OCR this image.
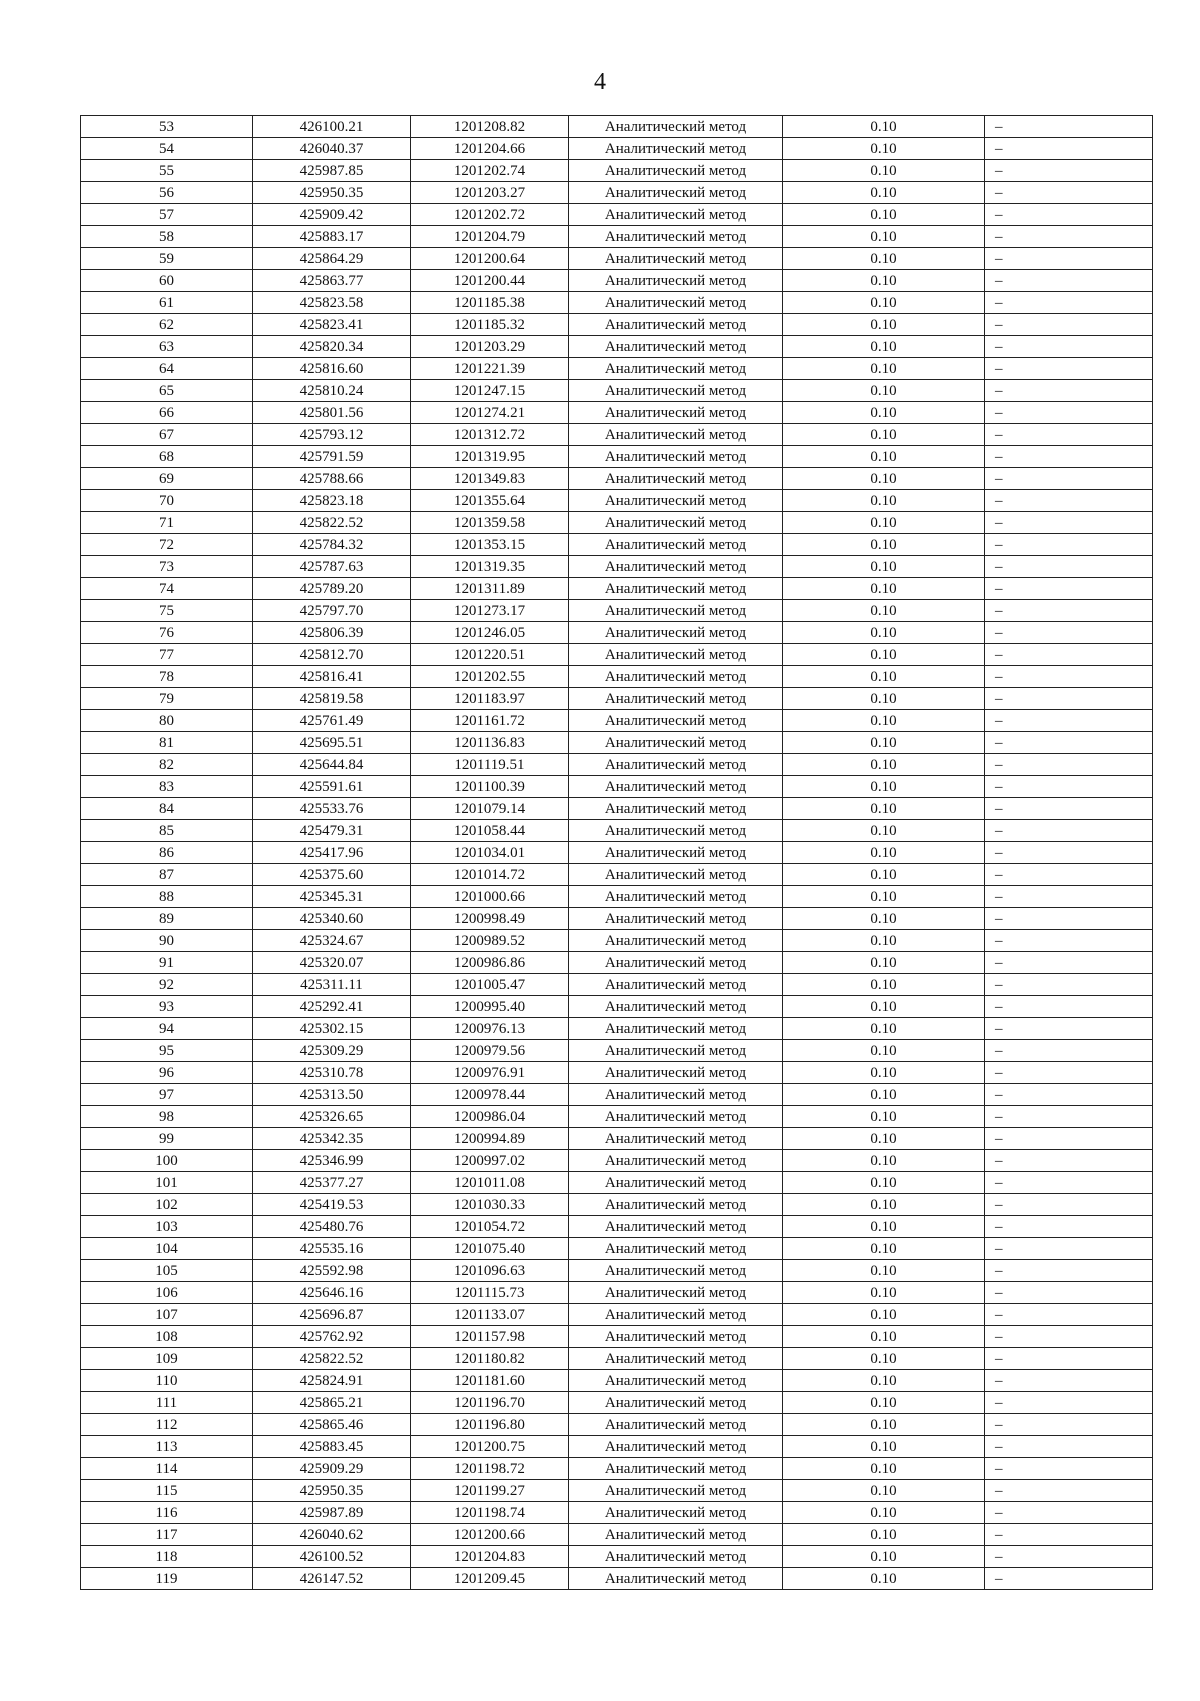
4
53	426100.21	1201208.82	Аналитический метод	0.10	–
54	426040.37	1201204.66	Аналитический метод	0.10	–
55	425987.85	1201202.74	Аналитический метод	0.10	–
56	425950.35	1201203.27	Аналитический метод	0.10	–
57	425909.42	1201202.72	Аналитический метод	0.10	–
58	425883.17	1201204.79	Аналитический метод	0.10	–
59	425864.29	1201200.64	Аналитический метод	0.10	–
60	425863.77	1201200.44	Аналитический метод	0.10	–
61	425823.58	1201185.38	Аналитический метод	0.10	–
62	425823.41	1201185.32	Аналитический метод	0.10	–
63	425820.34	1201203.29	Аналитический метод	0.10	–
64	425816.60	1201221.39	Аналитический метод	0.10	–
65	425810.24	1201247.15	Аналитический метод	0.10	–
66	425801.56	1201274.21	Аналитический метод	0.10	–
67	425793.12	1201312.72	Аналитический метод	0.10	–
68	425791.59	1201319.95	Аналитический метод	0.10	–
69	425788.66	1201349.83	Аналитический метод	0.10	–
70	425823.18	1201355.64	Аналитический метод	0.10	–
71	425822.52	1201359.58	Аналитический метод	0.10	–
72	425784.32	1201353.15	Аналитический метод	0.10	–
73	425787.63	1201319.35	Аналитический метод	0.10	–
74	425789.20	1201311.89	Аналитический метод	0.10	–
75	425797.70	1201273.17	Аналитический метод	0.10	–
76	425806.39	1201246.05	Аналитический метод	0.10	–
77	425812.70	1201220.51	Аналитический метод	0.10	–
78	425816.41	1201202.55	Аналитический метод	0.10	–
79	425819.58	1201183.97	Аналитический метод	0.10	–
80	425761.49	1201161.72	Аналитический метод	0.10	–
81	425695.51	1201136.83	Аналитический метод	0.10	–
82	425644.84	1201119.51	Аналитический метод	0.10	–
83	425591.61	1201100.39	Аналитический метод	0.10	–
84	425533.76	1201079.14	Аналитический метод	0.10	–
85	425479.31	1201058.44	Аналитический метод	0.10	–
86	425417.96	1201034.01	Аналитический метод	0.10	–
87	425375.60	1201014.72	Аналитический метод	0.10	–
88	425345.31	1201000.66	Аналитический метод	0.10	–
89	425340.60	1200998.49	Аналитический метод	0.10	–
90	425324.67	1200989.52	Аналитический метод	0.10	–
91	425320.07	1200986.86	Аналитический метод	0.10	–
92	425311.11	1201005.47	Аналитический метод	0.10	–
93	425292.41	1200995.40	Аналитический метод	0.10	–
94	425302.15	1200976.13	Аналитический метод	0.10	–
95	425309.29	1200979.56	Аналитический метод	0.10	–
96	425310.78	1200976.91	Аналитический метод	0.10	–
97	425313.50	1200978.44	Аналитический метод	0.10	–
98	425326.65	1200986.04	Аналитический метод	0.10	–
99	425342.35	1200994.89	Аналитический метод	0.10	–
100	425346.99	1200997.02	Аналитический метод	0.10	–
101	425377.27	1201011.08	Аналитический метод	0.10	–
102	425419.53	1201030.33	Аналитический метод	0.10	–
103	425480.76	1201054.72	Аналитический метод	0.10	–
104	425535.16	1201075.40	Аналитический метод	0.10	–
105	425592.98	1201096.63	Аналитический метод	0.10	–
106	425646.16	1201115.73	Аналитический метод	0.10	–
107	425696.87	1201133.07	Аналитический метод	0.10	–
108	425762.92	1201157.98	Аналитический метод	0.10	–
109	425822.52	1201180.82	Аналитический метод	0.10	–
110	425824.91	1201181.60	Аналитический метод	0.10	–
111	425865.21	1201196.70	Аналитический метод	0.10	–
112	425865.46	1201196.80	Аналитический метод	0.10	–
113	425883.45	1201200.75	Аналитический метод	0.10	–
114	425909.29	1201198.72	Аналитический метод	0.10	–
115	425950.35	1201199.27	Аналитический метод	0.10	–
116	425987.89	1201198.74	Аналитический метод	0.10	–
117	426040.62	1201200.66	Аналитический метод	0.10	–
118	426100.52	1201204.83	Аналитический метод	0.10	–
119	426147.52	1201209.45	Аналитический метод	0.10	–
